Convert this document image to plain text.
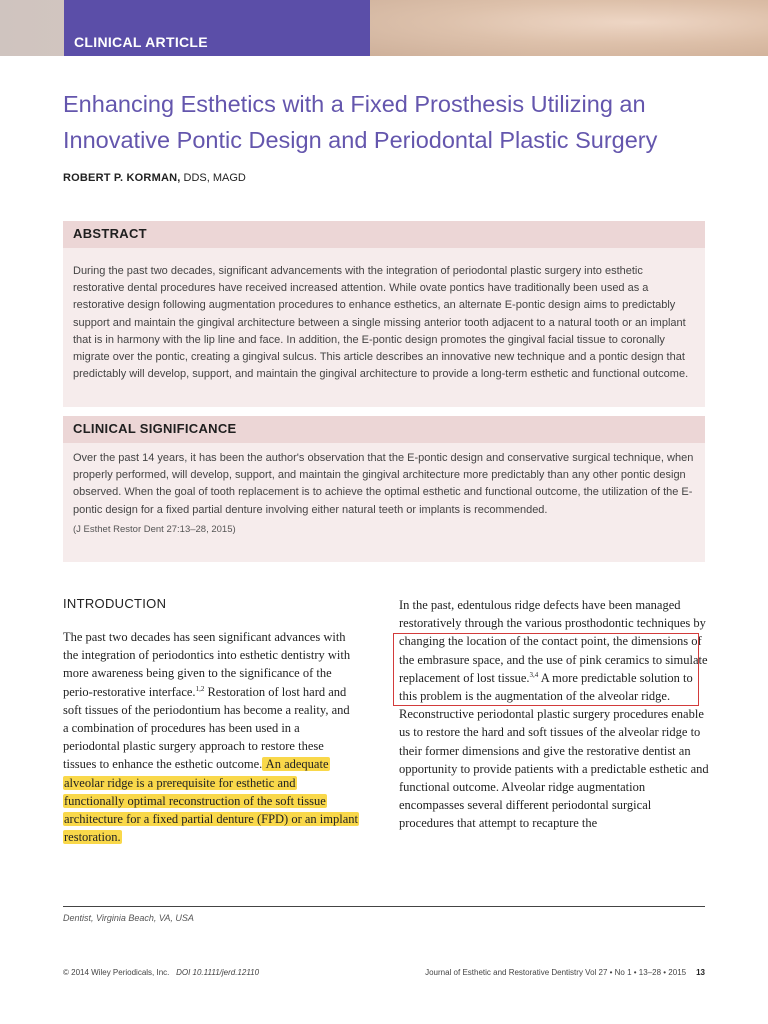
CLINICAL ARTICLE
Enhancing Esthetics with a Fixed Prosthesis Utilizing an Innovative Pontic Design and Periodontal Plastic Surgery
ROBERT P. KORMAN, DDS, MAGD
ABSTRACT
During the past two decades, significant advancements with the integration of periodontal plastic surgery into esthetic restorative dental procedures have received increased attention. While ovate pontics have traditionally been used as a restorative design following augmentation procedures to enhance esthetics, an alternate E-pontic design aims to predictably support and maintain the gingival architecture between a single missing anterior tooth adjacent to a natural tooth or an implant that is in harmony with the lip line and face. In addition, the E-pontic design promotes the gingival facial tissue to coronally migrate over the pontic, creating a gingival sulcus. This article describes an innovative new technique and a pontic design that predictably will develop, support, and maintain the gingival architecture to provide a long-term esthetic and functional outcome.
CLINICAL SIGNIFICANCE
Over the past 14 years, it has been the author's observation that the E-pontic design and conservative surgical technique, when properly performed, will develop, support, and maintain the gingival architecture more predictably than any other pontic design observed. When the goal of tooth replacement is to achieve the optimal esthetic and functional outcome, the utilization of the E-pontic design for a fixed partial denture involving either natural teeth or implants is recommended.
(J Esthet Restor Dent 27:13–28, 2015)
INTRODUCTION
The past two decades has seen significant advances with the integration of periodontics into esthetic dentistry with more awareness being given to the significance of the perio-restorative interface.$^{1,2}$ Restoration of lost hard and soft tissues of the periodontium has become a reality, and a combination of procedures has been used in a periodontal plastic surgery approach to restore these tissues to enhance the esthetic outcome. An adequate alveolar ridge is a prerequisite for esthetic and functionally optimal reconstruction of the soft tissue architecture for a fixed partial denture (FPD) or an implant restoration.
In the past, edentulous ridge defects have been managed restoratively through the various prosthodontic techniques by changing the location of the contact point, the dimensions of the embrasure space, and the use of pink ceramics to simulate replacement of lost tissue.$^{3,4}$ A more predictable solution to this problem is the augmentation of the alveolar ridge. Reconstructive periodontal plastic surgery procedures enable us to restore the hard and soft tissues of the alveolar ridge to their former dimensions and give the restorative dentist an opportunity to provide patients with a predictable esthetic and functional outcome. Alveolar ridge augmentation encompasses several different periodontal surgical procedures that attempt to recapture the
Dentist, Virginia Beach, VA, USA
© 2014 Wiley Periodicals, Inc. DOI 10.1111/jerd.12110	Journal of Esthetic and Restorative Dentistry Vol 27 • No 1 • 13–28 • 2015 13
